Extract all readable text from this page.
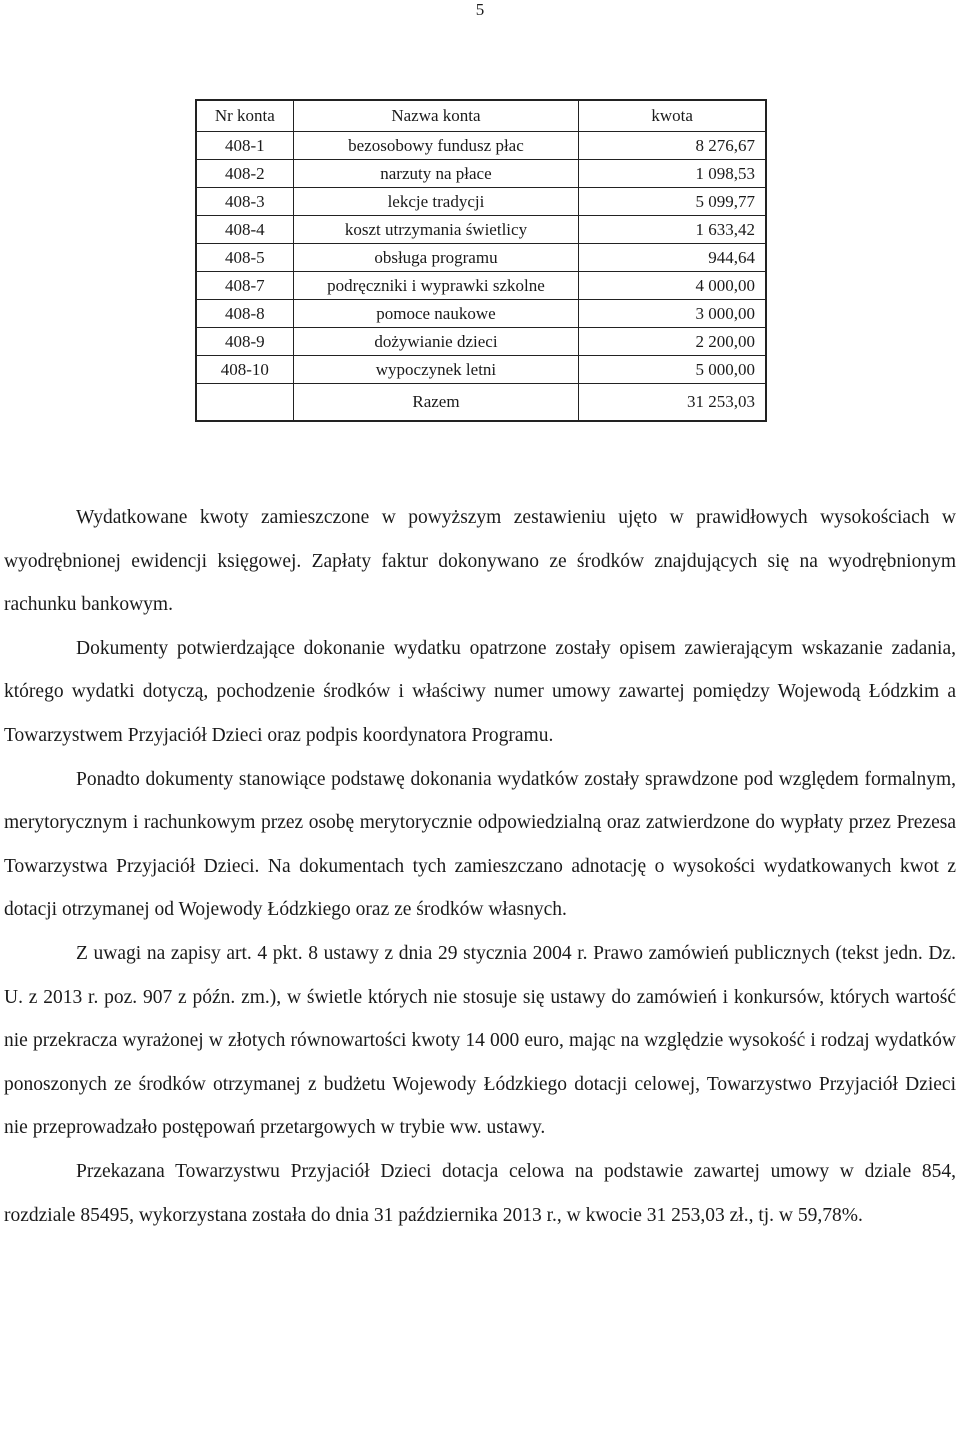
5
Nr konta	Nazwa konta	kwota
408-1	bezosobowy fundusz płac	8 276,67
408-2	narzuty na płace	1 098,53
408-3	lekcje tradycji	5 099,77
408-4	koszt utrzymania świetlicy	1 633,42
408-5	obsługa programu	944,64
408-7	podręczniki i wyprawki szkolne	4 000,00
408-8	pomoce naukowe	3 000,00
408-9	dożywianie dzieci	2 200,00
408-10	wypoczynek letni	5 000,00
	Razem	31 253,03

Wydatkowane kwoty zamieszczone w powyższym zestawieniu ujęto w prawidłowych wysokościach w wyodrębnionej ewidencji księgowej. Zapłaty faktur dokonywano ze środków znajdujących się na wyodrębnionym rachunku bankowym.

Dokumenty potwierdzające dokonanie wydatku opatrzone zostały opisem zawierającym wskazanie zadania, którego wydatki dotyczą, pochodzenie środków i właściwy numer umowy zawartej pomiędzy Wojewodą Łódzkim a Towarzystwem Przyjaciół Dzieci oraz podpis koordynatora Programu.

Ponadto dokumenty stanowiące podstawę dokonania wydatków zostały sprawdzone pod względem formalnym, merytorycznym i rachunkowym przez osobę merytorycznie odpowiedzialną oraz zatwierdzone do wypłaty przez Prezesa Towarzystwa Przyjaciół Dzieci. Na dokumentach tych zamieszczano adnotację o wysokości wydatkowanych kwot z dotacji otrzymanej od Wojewody Łódzkiego oraz ze środków własnych.

Z uwagi na zapisy art. 4 pkt. 8 ustawy z dnia 29 stycznia 2004 r. Prawo zamówień publicznych (tekst jedn. Dz. U. z 2013 r. poz. 907 z późn. zm.), w świetle których nie stosuje się ustawy do zamówień i konkursów, których wartość nie przekracza wyrażonej w złotych równowartości kwoty 14 000 euro, mając na względzie wysokość i rodzaj wydatków ponoszonych ze środków otrzymanej z budżetu Wojewody Łódzkiego dotacji celowej, Towarzystwo Przyjaciół Dzieci nie przeprowadzało postępowań przetargowych w trybie ww. ustawy.

Przekazana Towarzystwu Przyjaciół Dzieci dotacja celowa na podstawie zawartej umowy w dziale 854, rozdziale 85495, wykorzystana została do dnia 31 października 2013 r., w kwocie 31 253,03 zł., tj. w 59,78%.
